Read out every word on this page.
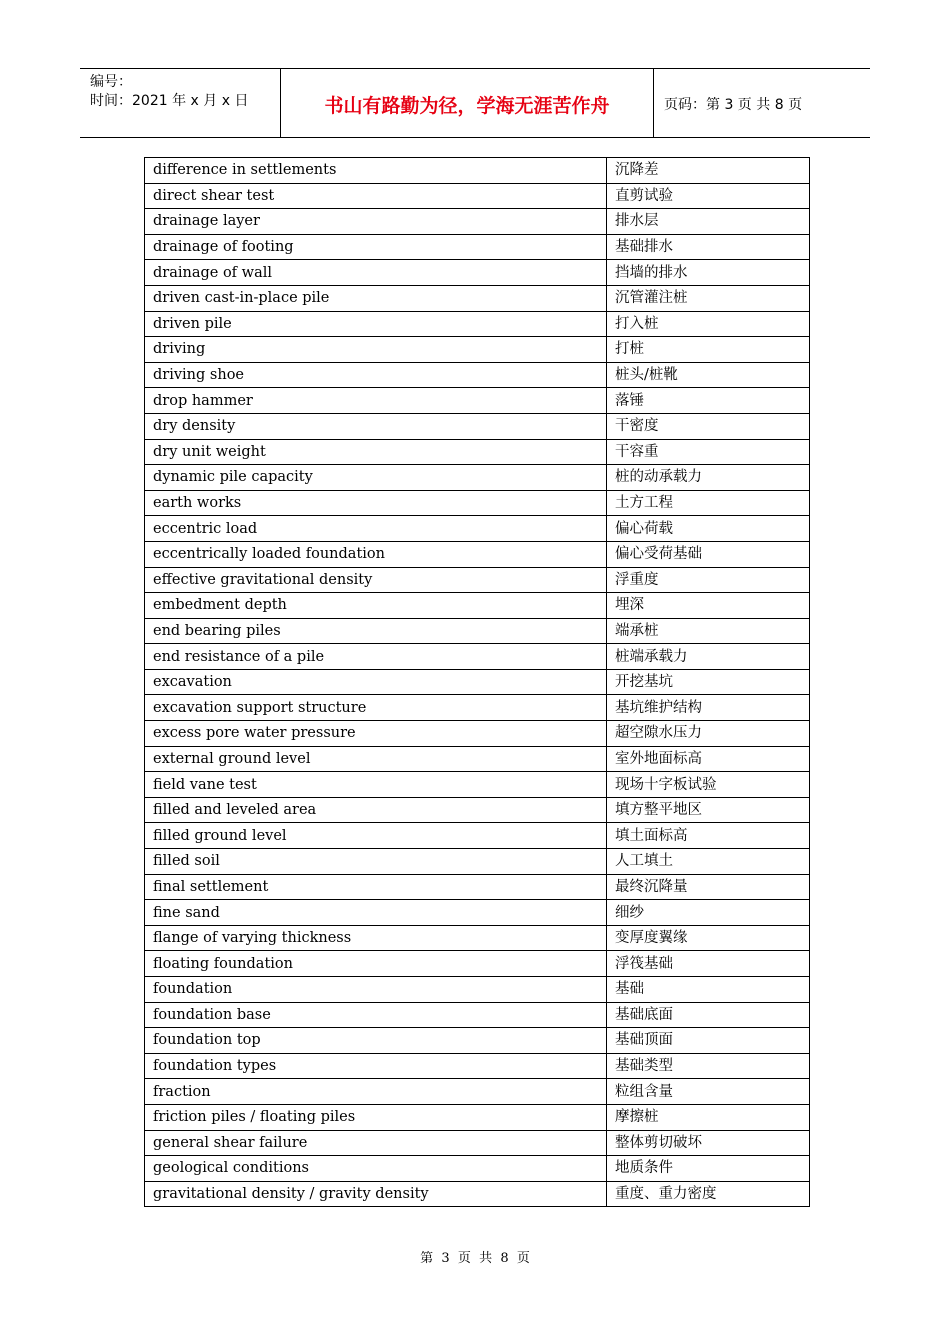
编号：
时间：2021 年 x 月 x 日	书山有路勤为径，学海无涯苦作舟	页码：第 3 页 共 8 页
difference in settlements	沉降差
direct shear test	直剪试验
drainage layer	排水层
drainage of footing	基础排水
drainage of wall	挡墙的排水
driven cast-in-place pile	沉管灌注桩
driven pile	打入桩
driving	打桩
driving shoe	桩头/桩靴
drop hammer	落锤
dry density	干密度
dry unit weight	干容重
dynamic pile capacity	桩的动承载力
earth works	土方工程
eccentric load	偏心荷载
eccentrically loaded foundation	偏心受荷基础
effective gravitational density	浮重度
embedment depth	埋深
end bearing piles	端承桩
end resistance of a pile	桩端承载力
excavation	开挖基坑
excavation support structure	基坑维护结构
excess pore water pressure	超空隙水压力
external ground level	室外地面标高
field vane test	现场十字板试验
filled and leveled area	填方整平地区
filled ground level	填土面标高
filled soil	人工填土
final settlement	最终沉降量
fine sand	细纱
flange of varying thickness	变厚度翼缘
floating foundation	浮筏基础
foundation	基础
foundation base	基础底面
foundation top	基础顶面
foundation types	基础类型
fraction	粒组含量
friction piles / floating piles	摩擦桩
general shear failure	整体剪切破坏
geological conditions	地质条件
gravitational density / gravity density	重度、重力密度
第  3  页  共  8  页
